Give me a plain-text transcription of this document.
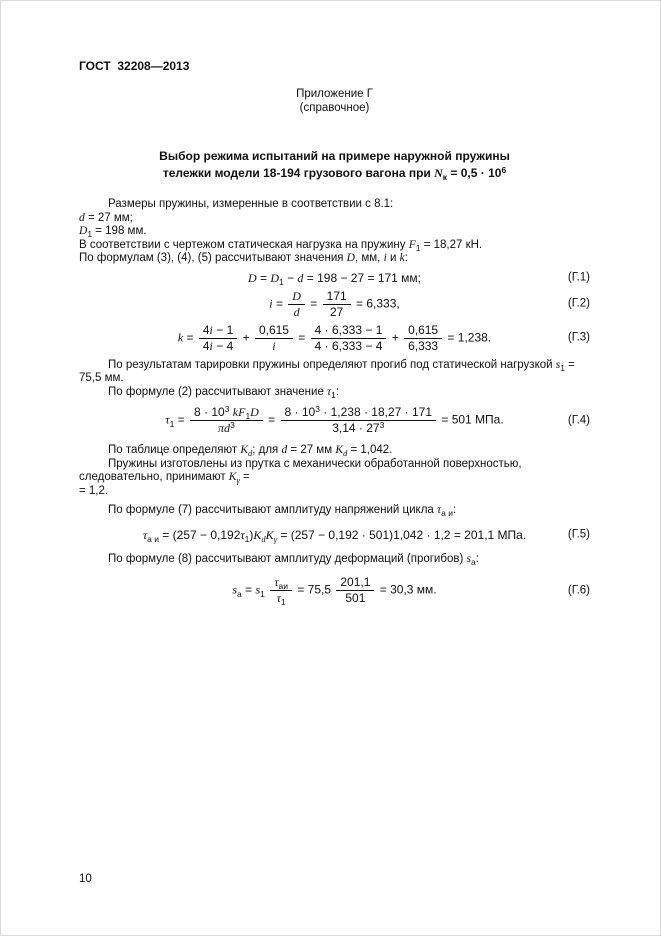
ГОСТ  32208—2013
Приложение Г
(справочное)
Выбор режима испытаний на примере наружной пружины
тележки модели 18-194 грузового вагона при $N_к = 0,5 \cdot 10^6$

Размеры пружины, измеренные в соответствии с 8.1:

d = 27 мм;

$D_1 = 198$ мм.

В соответствии с чертежом статическая нагрузка на пружину $F_1 = 18,27$ кН.

По формулам (3), (4), (5) рассчитывают значения D, мм, i и k:

$D = D_1 - d = 198 - 27 = 171$ мм;	(Г.1)
$i = \frac{D}{d} = \frac{171}{27} = 6,333$,	(Г.2)
$k = \frac{4i - 1}{4i - 4} + \frac{0,615}{i} = \frac{4 \cdot 6,333 - 1}{4 \cdot 6,333 - 4} + \frac{0,615}{6,333} = 1,238$.	(Г.3)

По результатам тарировки пружины определяют прогиб под статической нагрузкой $s_1 = 75,5$ мм.

По формуле (2) рассчитывают значение $\tau_1$:

$\tau_1 = \frac{8 \cdot 10^3 kF_1D}{\pi d^3} = \frac{8 \cdot 10^3 \cdot 1,238 \cdot 18,27 \cdot 171}{3,14 \cdot 27^3} = 501$ МПа.	(Г.4)

По таблице определяют $K_d$; для d = 27 мм $K_d = 1,042$.

Пружины изготовлены из прутка с механически обработанной поверхностью, следовательно, принимают $K_\gamma$ =

= 1,2.

По формуле (7) рассчитывают амплитуду напряжений цикла $\tau_{а и}$:

$\tau_{а и} = (257 - 0,192\tau_1)K_dK_\gamma = (257 - 0,192 \cdot 501)1,042 \cdot 1,2 = 201,1$ МПа.	(Г.5)

По формуле (8) рассчитывают амплитуду деформаций (прогибов) $s_а$:

$s_а = s_1 \frac{\tau_{аи}}{\tau_1} = 75,5 \frac{201,1}{501} = 30,3$ мм.	(Г.6)
10
